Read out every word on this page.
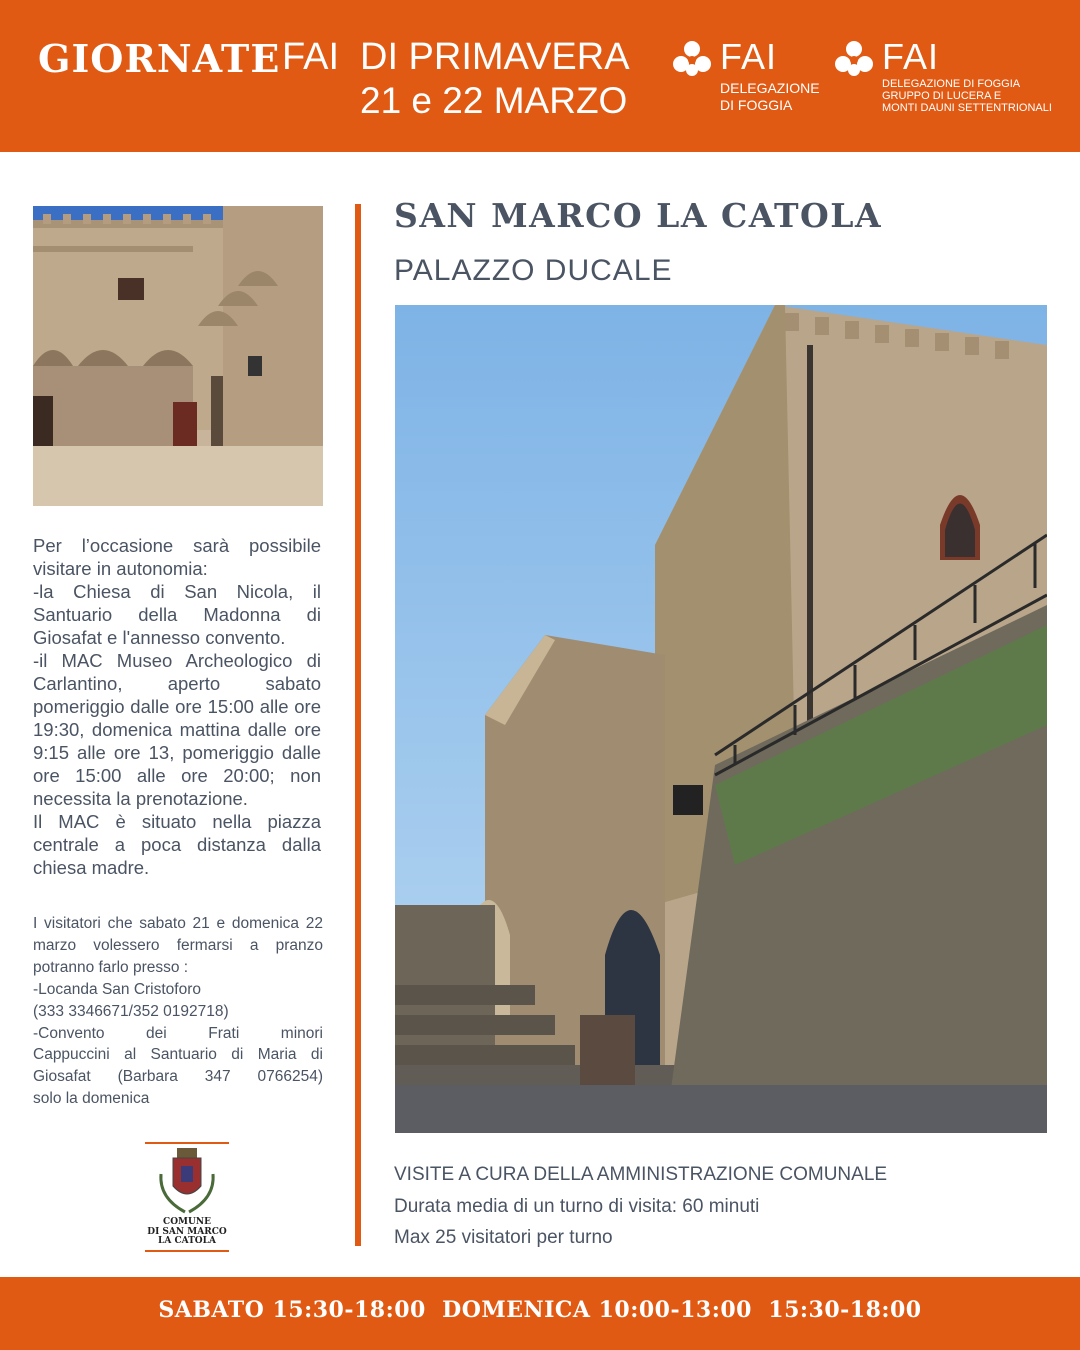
GIORNATE FAI DI PRIMAVERA
21 e 22 MARZO
FAI
DELEGAZIONE
DI FOGGIA
FAI
DELEGAZIONE DI FOGGIA
GRUPPO DI LUCERA E
MONTI DAUNI SETTENTRIONALI

Per l’occasione sarà possibile visitare in autonomia:

-la Chiesa di San Nicola, il Santuario della Madonna di Giosafat e l'annesso convento.

-il MAC Museo Archeologico di Carlantino, aperto sabato pomeriggio dalle ore 15:00 alle ore 19:30, domenica mattina dalle ore 9:15 alle ore 13, pomeriggio dalle ore 15:00 alle ore 20:00; non necessita la prenotazione.

Il MAC è situato nella piazza centrale a poca distanza dalla chiesa madre.

I visitatori che sabato 21 e domenica 22 marzo volessero fermarsi a pranzo potranno farlo presso :

-Locanda San Cristoforo

(333 3346671/352 0192718)

-Convento dei Frati minori

Cappuccini al Santuario di Maria di

Giosafat (Barbara 347 0766254)

solo la domenica

COMUNE
DI SAN MARCO
LA CATOLA
SAN MARCO LA CATOLA
PALAZZO DUCALE
VISITE A CURA DELLA AMMINISTRAZIONE COMUNALE
Durata media di un turno di visita: 60 minuti
Max 25 visitatori per turno
SABATO 15:30-18:00  DOMENICA 10:00-13:00  15:30-18:00
